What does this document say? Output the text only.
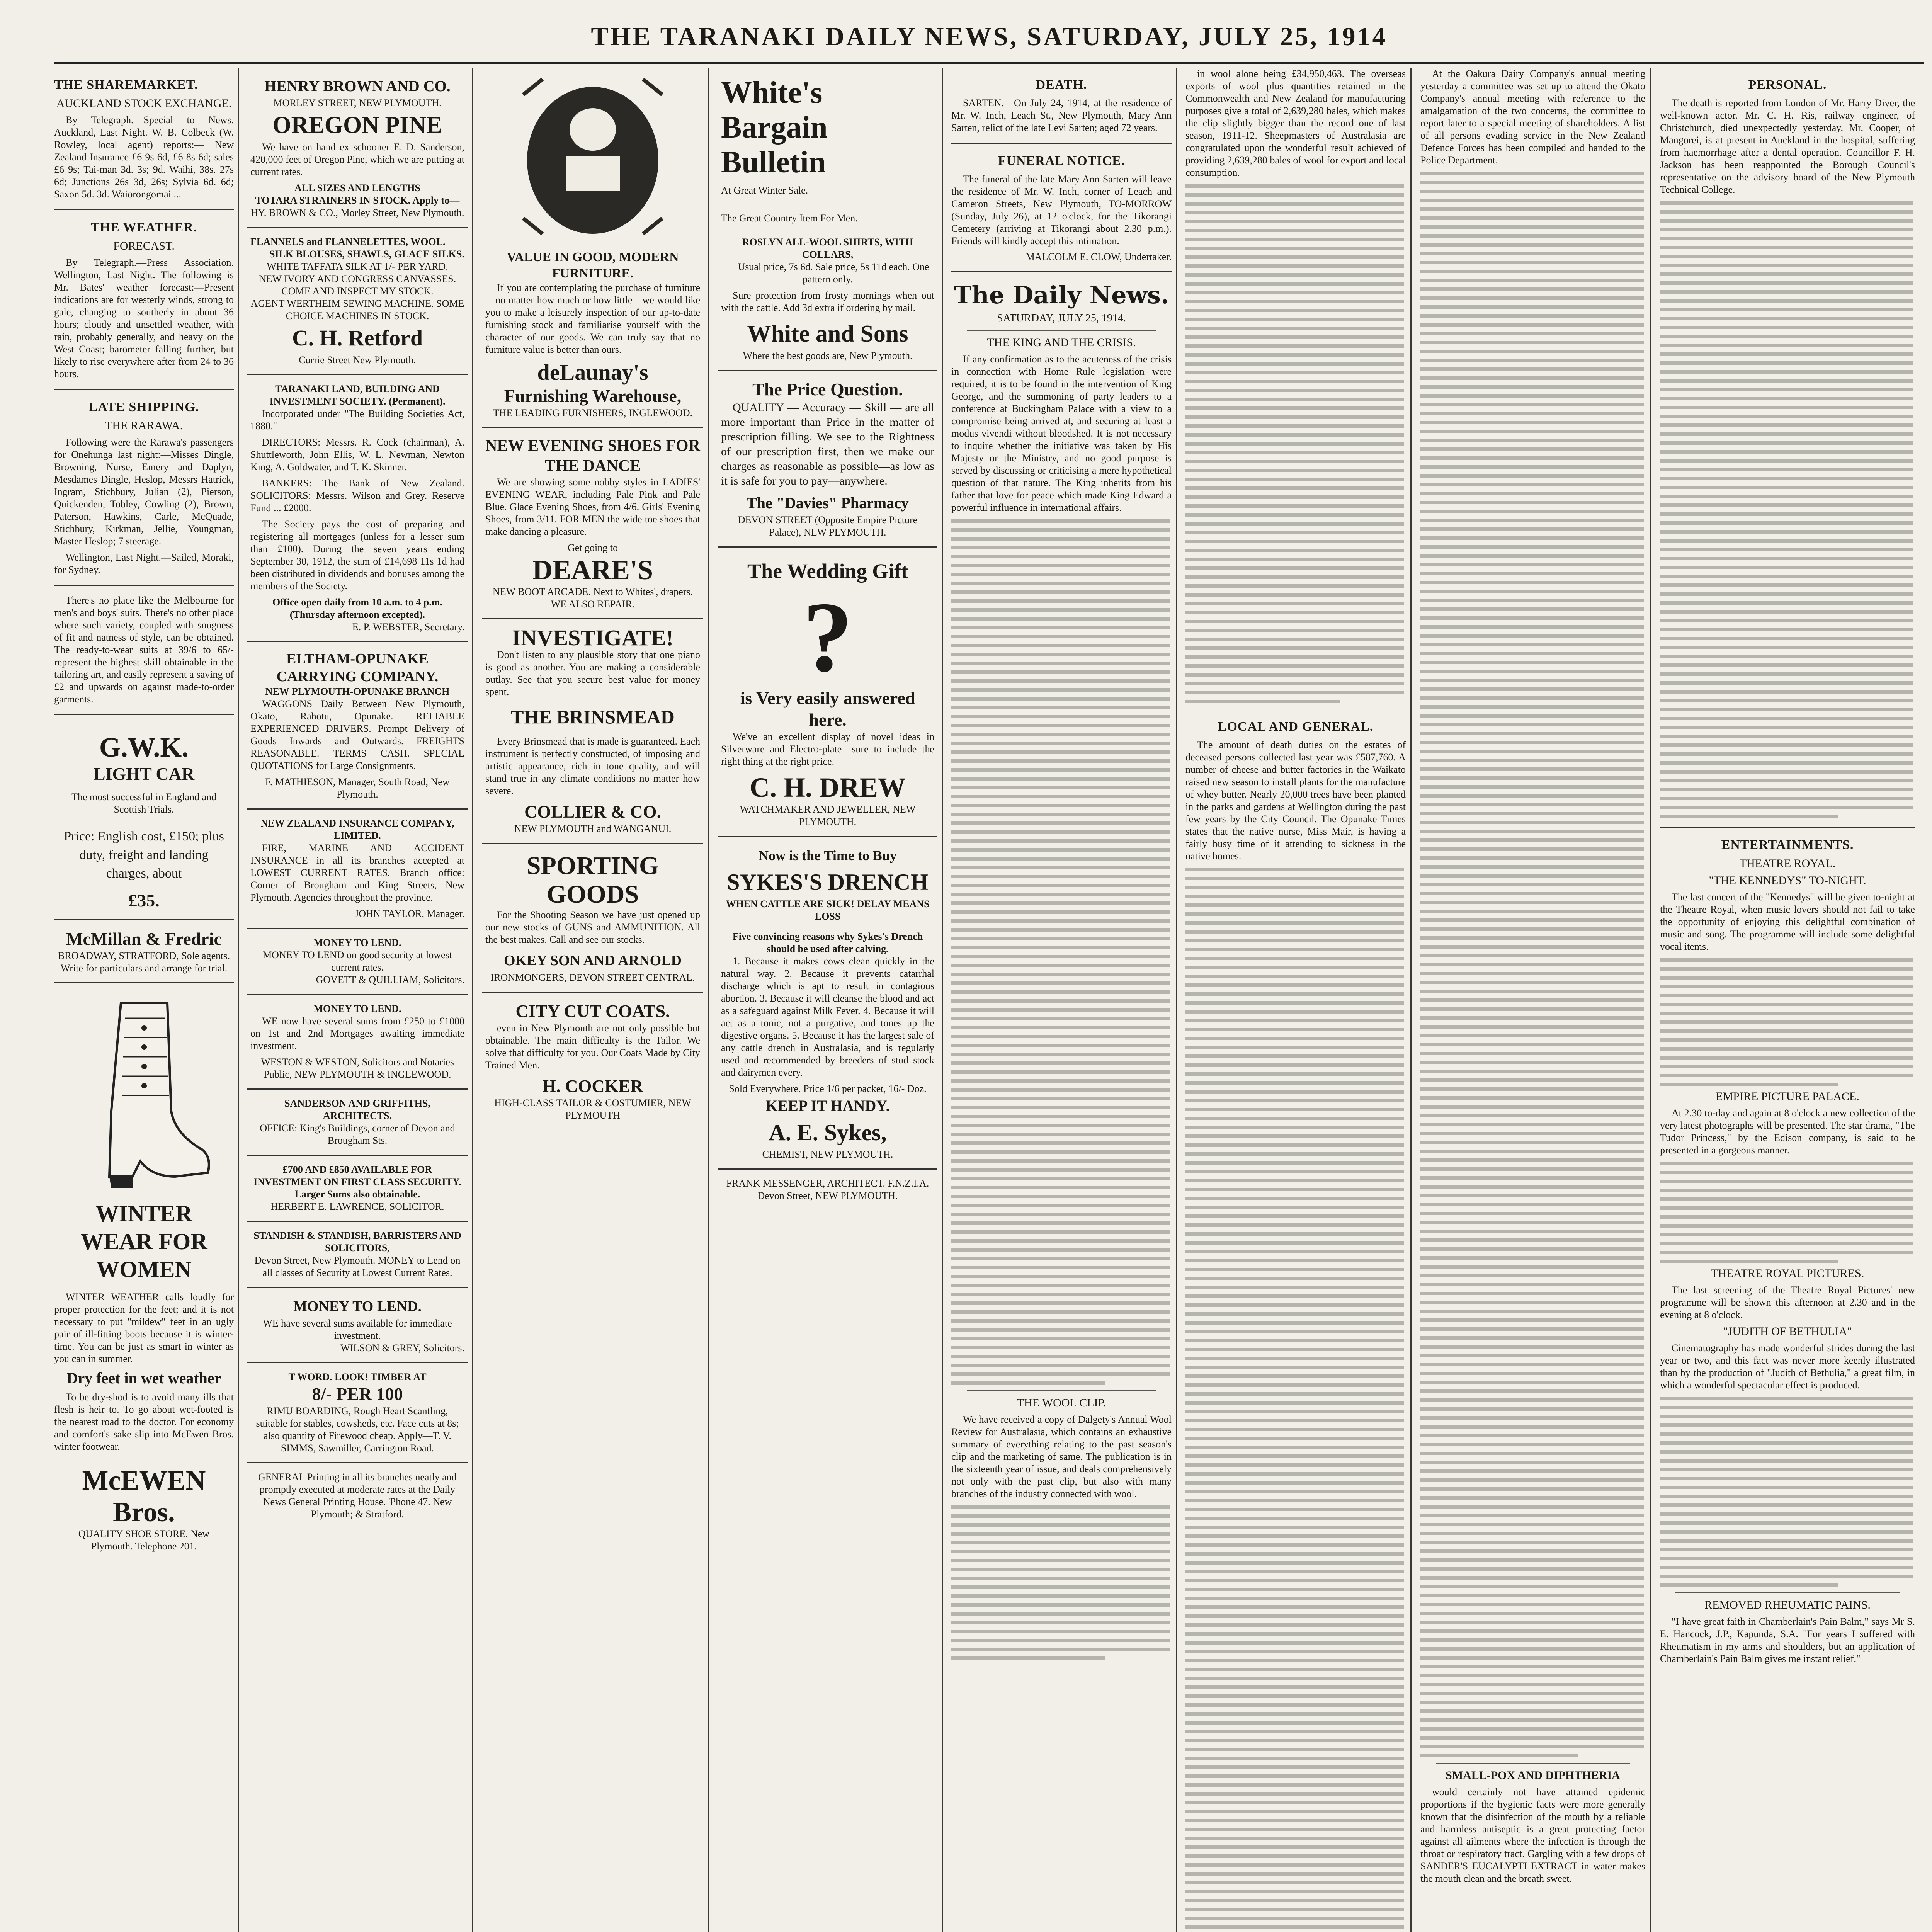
THE TARANAKI DAILY NEWS, SATURDAY, JULY 25, 1914
THE SHAREMARKET.
AUCKLAND STOCK EXCHANGE.

By Telegraph.—Special to News. Auckland, Last Night. W. B. Colbeck (W. Rowley, local agent) reports:— New Zealand Insurance £6 9s 6d, £6 8s 6d; sales £6 9s; Tai-man 3d. 3s; 9d. Waihi, 38s. 27s 6d; Junctions 26s 3d, 26s; Sylvia 6d. 6d; Saxon 5d. 3d. Waiorongomai ...

THE WEATHER.
FORECAST.

By Telegraph.—Press Association. Wellington, Last Night. The following is Mr. Bates' weather forecast:—Present indications are for westerly winds, strong to gale, changing to southerly in about 36 hours; cloudy and unsettled weather, with rain, probably generally, and heavy on the West Coast; barometer falling further, but likely to rise everywhere after from 24 to 36 hours.

LATE SHIPPING.
THE RARAWA.

Following were the Rarawa's passengers for Onehunga last night:—Misses Dingle, Browning, Nurse, Emery and Daplyn, Mesdames Dingle, Heslop, Messrs Hatrick, Ingram, Stichbury, Julian (2), Pierson, Quickenden, Tobley, Cowling (2), Brown, Paterson, Hawkins, Carle, McQuade, Stichbury, Kirkman, Jellie, Youngman, Master Heslop; 7 steerage.

Wellington, Last Night.—Sailed, Moraki, for Sydney.

There's no place like the Melbourne for men's and boys' suits. There's no other place where such variety, coupled with snugness of fit and natness of style, can be obtained. The ready-to-wear suits at 39/6 to 65/- represent the highest skill obtainable in the tailoring art, and easily represent a saving of £2 and upwards on against made-to-order garments.

G.W.K.
LIGHT CAR
The most successful in England and Scottish Trials.
Price: English cost, £150; plus duty, freight and landing charges, about
£35.
McMillan & Fredric
BROADWAY, STRATFORD, Sole agents.
Write for particulars and arrange for trial.
WINTER WEAR FOR WOMEN

WINTER WEATHER calls loudly for proper protection for the feet; and it is not necessary to put "mildew" feet in an ugly pair of ill-fitting boots because it is winter-time. You can be just as smart in winter as you can in summer.

Dry feet in wet weather

To be dry-shod is to avoid many ills that flesh is heir to. To go about wet-footed is the nearest road to the doctor. For economy and comfort's sake slip into McEwen Bros. winter footwear.

McEWEN Bros.
QUALITY SHOE STORE. New Plymouth. Telephone 201.
HENRY BROWN AND CO.
MORLEY STREET, NEW PLYMOUTH.
OREGON PINE

We have on hand ex schooner E. D. Sanderson, 420,000 feet of Oregon Pine, which we are putting at current rates.

ALL SIZES AND LENGTHS
TOTARA STRAINERS IN STOCK. Apply to—
HY. BROWN & CO., Morley Street, New Plymouth.
FLANNELS and FLANNELETTES, WOOL.
SILK BLOUSES, SHAWLS, GLACE SILKS.
WHITE TAFFATA SILK AT 1/- PER YARD.
NEW IVORY AND CONGRESS CANVASSES. COME AND INSPECT MY STOCK.
AGENT WERTHEIM SEWING MACHINE. SOME CHOICE MACHINES IN STOCK.
C. H. Retford
Currie Street New Plymouth.
TARANAKI LAND, BUILDING AND INVESTMENT SOCIETY. (Permanent).

Incorporated under "The Building Societies Act, 1880."

DIRECTORS: Messrs. R. Cock (chairman), A. Shuttleworth, John Ellis, W. L. Newman, Newton King, A. Goldwater, and T. K. Skinner.

BANKERS: The Bank of New Zealand. SOLICITORS: Messrs. Wilson and Grey. Reserve Fund ... £2000.

The Society pays the cost of preparing and registering all mortgages (unless for a lesser sum than £100). During the seven years ending September 30, 1912, the sum of £14,698 11s 1d had been distributed in dividends and bonuses among the members of the Society.

Office open daily from 10 a.m. to 4 p.m. (Thursday afternoon excepted).
E. P. WEBSTER, Secretary.
ELTHAM-OPUNAKE CARRYING COMPANY.
NEW PLYMOUTH-OPUNAKE BRANCH

WAGGONS Daily Between New Plymouth, Okato, Rahotu, Opunake. RELIABLE EXPERIENCED DRIVERS. Prompt Delivery of Goods Inwards and Outwards. FREIGHTS REASONABLE. TERMS CASH. SPECIAL QUOTATIONS for Large Consignments.

F. MATHIESON, Manager, South Road, New Plymouth.
NEW ZEALAND INSURANCE COMPANY, LIMITED.

FIRE, MARINE AND ACCIDENT INSURANCE in all its branches accepted at LOWEST CURRENT RATES. Branch office: Corner of Brougham and King Streets, New Plymouth. Agencies throughout the province.

JOHN TAYLOR, Manager.
MONEY TO LEND.
MONEY TO LEND on good security at lowest current rates.
GOVETT & QUILLIAM, Solicitors.
MONEY TO LEND.

WE now have several sums from £250 to £1000 on 1st and 2nd Mortgages awaiting immediate investment.

WESTON & WESTON, Solicitors and Notaries Public, NEW PLYMOUTH & INGLEWOOD.
SANDERSON AND GRIFFITHS, ARCHITECTS.
OFFICE: King's Buildings, corner of Devon and Brougham Sts.
£700 AND £850 AVAILABLE FOR INVESTMENT ON FIRST CLASS SECURITY. Larger Sums also obtainable.
HERBERT E. LAWRENCE, SOLICITOR.
STANDISH & STANDISH, BARRISTERS AND SOLICITORS,
Devon Street, New Plymouth. MONEY to Lend on all classes of Security at Lowest Current Rates.
MONEY TO LEND.
WE have several sums available for immediate investment.
WILSON & GREY, Solicitors.
T WORD. LOOK! TIMBER AT
8/- PER 100
RIMU BOARDING, Rough Heart Scantling, suitable for stables, cowsheds, etc. Face cuts at 8s; also quantity of Firewood cheap. Apply—T. V. SIMMS, Sawmiller, Carrington Road.
GENERAL Printing in all its branches neatly and promptly executed at moderate rates at the Daily News General Printing House. 'Phone 47. New Plymouth; & Stratford.
VALUE IN GOOD, MODERN FURNITURE.

If you are contemplating the purchase of furniture—no matter how much or how little—we would like you to make a leisurely inspection of our up-to-date furnishing stock and familiarise yourself with the character of our goods. We can truly say that no furniture value is better than ours.

deLaunay's
Furnishing Warehouse,
THE LEADING FURNISHERS, INGLEWOOD.
NEW EVENING SHOES FOR THE DANCE

We are showing some nobby styles in LADIES' EVENING WEAR, including Pale Pink and Pale Blue. Glace Evening Shoes, from 4/6. Girls' Evening Shoes, from 3/11. FOR MEN the wide toe shoes that make dancing a pleasure.

Get going to
DEARE'S
NEW BOOT ARCADE. Next to Whites', drapers. WE ALSO REPAIR.
INVESTIGATE!

Don't listen to any plausible story that one piano is good as another. You are making a considerable outlay. See that you secure best value for money spent.

THE BRINSMEAD

Every Brinsmead that is made is guaranteed. Each instrument is perfectly constructed, of imposing and artistic appearance, rich in tone quality, and will stand true in any climate conditions no matter how severe.

COLLIER & CO.
NEW PLYMOUTH and WANGANUI.
SPORTING GOODS

For the Shooting Season we have just opened up our new stocks of GUNS and AMMUNITION. All the best makes. Call and see our stocks.

OKEY SON AND ARNOLD
IRONMONGERS, DEVON STREET CENTRAL.
CITY CUT COATS.

even in New Plymouth are not only possible but obtainable. The main difficulty is the Tailor. We solve that difficulty for you. Our Coats Made by City Trained Men.

H. COCKER
HIGH-CLASS TAILOR & COSTUMIER, NEW PLYMOUTH
White's
Bargain
Bulletin
At Great Winter Sale.
The Great Country Item For Men.
ROSLYN ALL-WOOL SHIRTS, WITH COLLARS,

Usual price, 7s 6d. Sale price, 5s 11d each. One pattern only.

Sure protection from frosty mornings when out with the cattle. Add 3d extra if ordering by mail.

White and Sons
Where the best goods are, New Plymouth.
The Price Question.

QUALITY — Accuracy — Skill — are all more important than Price in the matter of prescription filling. We see to the Rightness of our prescription first, then we make our charges as reasonable as possible—as low as it is safe for you to pay—anywhere.

The "Davies" Pharmacy
DEVON STREET (Opposite Empire Picture Palace), NEW PLYMOUTH.
The Wedding Gift
?
is Very easily answered here.

We've an excellent display of novel ideas in Silverware and Electro-plate—sure to include the right thing at the right price.

C. H. DREW
WATCHMAKER AND JEWELLER, NEW PLYMOUTH.
Now is the Time to Buy
SYKES'S DRENCH
WHEN CATTLE ARE SICK! DELAY MEANS LOSS
Five convincing reasons why Sykes's Drench should be used after calving.

1. Because it makes cows clean quickly in the natural way. 2. Because it prevents catarrhal discharge which is apt to result in contagious abortion. 3. Because it will cleanse the blood and act as a safeguard against Milk Fever. 4. Because it will act as a tonic, not a purgative, and tones up the digestive organs. 5. Because it has the largest sale of any cattle drench in Australasia, and is regularly used and recommended by breeders of stud stock and dairymen every.

Sold Everywhere. Price 1/6 per packet, 16/- Doz.
KEEP IT HANDY.
A. E. Sykes,
CHEMIST, NEW PLYMOUTH.
FRANK MESSENGER, ARCHITECT. F.N.Z.I.A. Devon Street, NEW PLYMOUTH.
DEATH.

SARTEN.—On July 24, 1914, at the residence of Mr. W. Inch, Leach St., New Plymouth, Mary Ann Sarten, relict of the late Levi Sarten; aged 72 years.

FUNERAL NOTICE.

The funeral of the late Mary Ann Sarten will leave the residence of Mr. W. Inch, corner of Leach and Cameron Streets, New Plymouth, TO-MORROW (Sunday, July 26), at 12 o'clock, for the Tikorangi Cemetery (arriving at Tikorangi about 2.30 p.m.). Friends will kindly accept this intimation.

MALCOLM E. CLOW, Undertaker.
The Daily News.
SATURDAY, JULY 25, 1914.
THE KING AND THE CRISIS.

If any confirmation as to the acuteness of the crisis in connection with Home Rule legislation were required, it is to be found in the intervention of King George, and the summoning of party leaders to a conference at Buckingham Palace with a view to a compromise being arrived at, and securing at least a modus vivendi without bloodshed. It is not necessary to inquire whether the initiative was taken by His Majesty or the Ministry, and no good purpose is served by discussing or criticising a mere hypothetical question of that nature. The King inherits from his father that love for peace which made King Edward a powerful influence in international affairs.

THE WOOL CLIP.

We have received a copy of Dalgety's Annual Wool Review for Australasia, which contains an exhaustive summary of everything relating to the past season's clip and the marketing of same. The publication is in the sixteenth year of issue, and deals comprehensively not only with the past clip, but also with many branches of the industry connected with wool.

in wool alone being £34,950,463. The overseas exports of wool plus quantities retained in the Commonwealth and New Zealand for manufacturing purposes give a total of 2,639,280 bales, which makes the clip slightly bigger than the record one of last season, 1911-12. Sheepmasters of Australasia are congratulated upon the wonderful result achieved of providing 2,639,280 bales of wool for export and local consumption.

LOCAL AND GENERAL.

The amount of death duties on the estates of deceased persons collected last year was £587,760. A number of cheese and butter factories in the Waikato raised new season to install plants for the manufacture of whey butter. Nearly 20,000 trees have been planted in the parks and gardens at Wellington during the past few years by the City Council. The Opunake Times states that the native nurse, Miss Mair, is having a fairly busy time of it attending to sickness in the native homes.

At the Oakura Dairy Company's annual meeting yesterday a committee was set up to attend the Okato Company's annual meeting with reference to the amalgamation of the two concerns, the committee to report later to a special meeting of shareholders. A list of all persons evading service in the New Zealand Defence Forces has been compiled and handed to the Police Department.

SMALL-POX AND DIPHTHERIA

would certainly not have attained epidemic proportions if the hygienic facts were more generally known that the disinfection of the mouth by a reliable and harmless antiseptic is a great protecting factor against all ailments where the infection is through the throat or respiratory tract. Gargling with a few drops of SANDER'S EUCALYPTI EXTRACT in water makes the mouth clean and the breath sweet.

PERSONAL.

The death is reported from London of Mr. Harry Diver, the well-known actor. Mr. C. H. Ris, railway engineer, of Christchurch, died unexpectedly yesterday. Mr. Cooper, of Mangorei, is at present in Auckland in the hospital, suffering from haemorrhage after a dental operation. Councillor F. H. Jackson has been reappointed the Borough Council's representative on the advisory board of the New Plymouth Technical College.

ENTERTAINMENTS.
THEATRE ROYAL.
"THE KENNEDYS" TO-NIGHT.

The last concert of the "Kennedys" will be given to-night at the Theatre Royal, when music lovers should not fail to take the opportunity of enjoying this delightful combination of music and song. The programme will include some delightful vocal items.

EMPIRE PICTURE PALACE.

At 2.30 to-day and again at 8 o'clock a new collection of the very latest photographs will be presented. The star drama, "The Tudor Princess," by the Edison company, is said to be presented in a gorgeous manner.

THEATRE ROYAL PICTURES.

The last screening of the Theatre Royal Pictures' new programme will be shown this afternoon at 2.30 and in the evening at 8 o'clock.

"JUDITH OF BETHULIA"

Cinematography has made wonderful strides during the last year or two, and this fact was never more keenly illustrated than by the production of "Judith of Bethulia," a great film, in which a wonderful spectacular effect is produced.

REMOVED RHEUMATIC PAINS.

"I have great faith in Chamberlain's Pain Balm," says Mr S. E. Hancock, J.P., Kapunda, S.A. "For years I suffered with Rheumatism in my arms and shoulders, but an application of Chamberlain's Pain Balm gives me instant relief."
